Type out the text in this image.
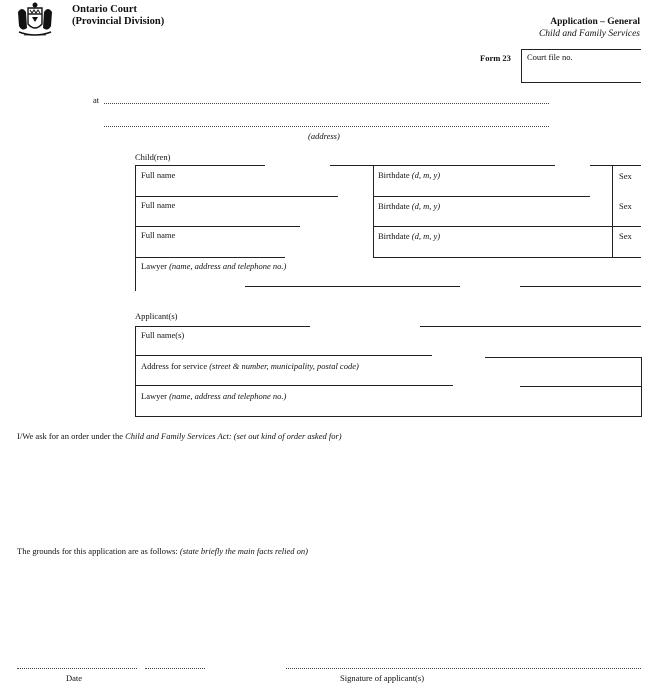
Ontario Court
(Provincial Division)	Application – General
Child and Family Services
Form 23 Court file no.
at
(address)
Child(ren)
Full name	Birthdate (d, m, y)	Sex
Full name	Birthdate (d, m, y)	Sex
Full name	Birthdate (d, m, y)	Sex
Lawyer (name, address and telephone no.)
Applicant(s)
Full name(s)
Address for service (street & number, municipality, postal code)
Lawyer (name, address and telephone no.)
I/We ask for an order under the Child and Family Services Act: (set out kind of order asked for)
The grounds for this application are as follows: (state briefly the main facts relied on)
Date	Signature of applicant(s)
